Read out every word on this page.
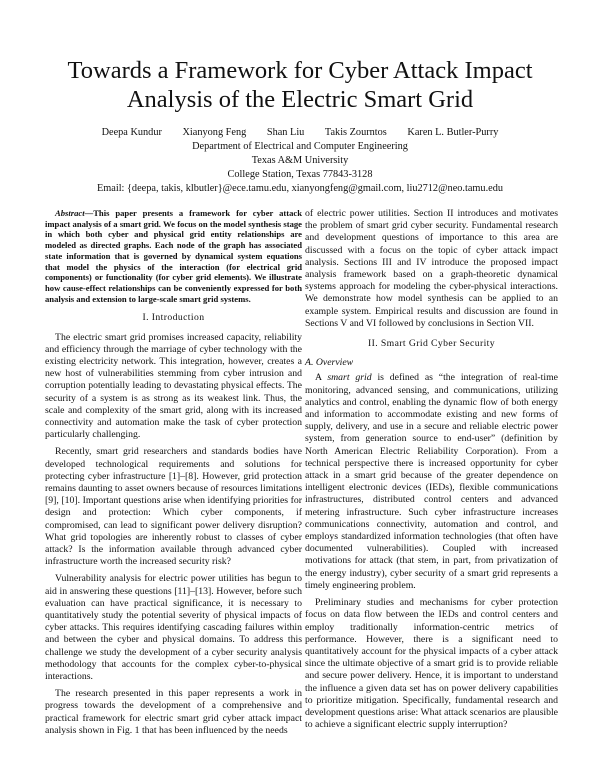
Towards a Framework for Cyber Attack Impact
Analysis of the Electric Smart Grid
Deepa Kundur Xianyong Feng Shan Liu Takis Zourntos Karen L. Butler-Purry
Department of Electrical and Computer Engineering
Texas A&M University
College Station, Texas 77843-3128
Email: {deepa, takis, klbutler}@ece.tamu.edu, xianyongfeng@gmail.com, liu2712@neo.tamu.edu

Abstract—This paper presents a framework for cyber attack impact analysis of a smart grid. We focus on the model synthesis stage in which both cyber and physical grid entity relationships are modeled as directed graphs. Each node of the graph has associated state information that is governed by dynamical system equations that model the physics of the interaction (for electrical grid components) or functionality (for cyber grid elements). We illustrate how cause-effect relationships can be conveniently expressed for both analysis and extension to large-scale smart grid systems.

I. Introduction

The electric smart grid promises increased capacity, reliability and efficiency through the marriage of cyber technology with the existing electricity network. This integration, however, creates a new host of vulnerabilities stemming from cyber intrusion and corruption potentially leading to devastating physical effects. The security of a system is as strong as its weakest link. Thus, the scale and complexity of the smart grid, along with its increased connectivity and automation make the task of cyber protection particularly challenging.

Recently, smart grid researchers and standards bodies have developed technological requirements and solutions for protecting cyber infrastructure [1]–[8]. However, grid protection remains daunting to asset owners because of resources limitations [9], [10]. Important questions arise when identifying priorities for design and protection: Which cyber components, if compromised, can lead to significant power delivery disruption? What grid topologies are inherently robust to classes of cyber attack? Is the information available through advanced cyber infrastructure worth the increased security risk?

Vulnerability analysis for electric power utilities has begun to aid in answering these questions [11]–[13]. However, before such evaluation can have practical significance, it is necessary to quantitatively study the potential severity of physical impacts of cyber attacks. This requires identifying cascading failures within and between the cyber and physical domains. To address this challenge we study the development of a cyber security analysis methodology that accounts for the complex cyber-to-physical interactions.

The research presented in this paper represents a work in progress towards the development of a comprehensive and practical framework for electric smart grid cyber attack impact analysis shown in Fig. 1 that has been influenced by the needs

of electric power utilities. Section II introduces and motivates the problem of smart grid cyber security. Fundamental research and development questions of importance to this area are discussed with a focus on the topic of cyber attack impact analysis. Sections III and IV introduce the proposed impact analysis framework based on a graph-theoretic dynamical systems approach for modeling the cyber-physical interactions. We demonstrate how model synthesis can be applied to an example system. Empirical results and discussion are found in Sections V and VI followed by conclusions in Section VII.

II. Smart Grid Cyber Security
A. Overview

A smart grid is defined as “the integration of real-time monitoring, advanced sensing, and communications, utilizing analytics and control, enabling the dynamic flow of both energy and information to accommodate existing and new forms of supply, delivery, and use in a secure and reliable electric power system, from generation source to end-user” (definition by North American Electric Reliability Corporation). From a technical perspective there is increased opportunity for cyber attack in a smart grid because of the greater dependence on intelligent electronic devices (IEDs), flexible communications infrastructures, distributed control centers and advanced metering infrastructure. Such cyber infrastructure increases communications connectivity, automation and control, and employs standardized information technologies (that often have documented vulnerabilities). Coupled with increased motivations for attack (that stem, in part, from privatization of the energy industry), cyber security of a smart grid represents a timely engineering problem.

Preliminary studies and mechanisms for cyber protection focus on data flow between the IEDs and control centers and employ traditionally information-centric metrics of performance. However, there is a significant need to quantitatively account for the physical impacts of a cyber attack since the ultimate objective of a smart grid is to provide reliable and secure power delivery. Hence, it is important to understand the influence a given data set has on power delivery capabilities to prioritize mitigation. Specifically, fundamental research and development questions arise: What attack scenarios are plausible to achieve a significant electric supply interruption?
